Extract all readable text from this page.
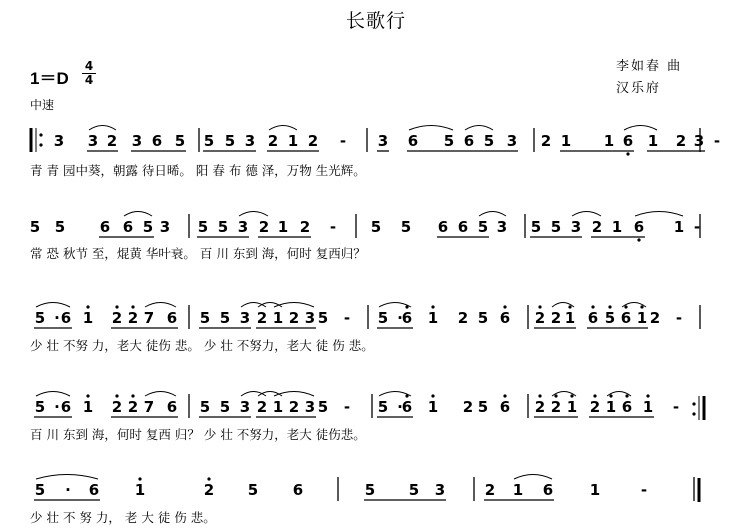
长歌行
1＝D
4
4
中速
李如春 曲
汉乐府
3 3 2 3 6 5 5 5 3 2 1 2 - 3 6 5 6 5 3 2 1 1 6 1 2 3 -
青 青 园中葵，朝露 待日晞。 阳 春 布 德 泽，万物 生光辉。
5 5 6 6 5 3 5 5 3 2 1 2 - 5 5 6 6 5 3 5 5 3 2 1 6 1 -
常 恐 秋节 至，焜黄 华叶衰。 百 川 东到 海，何时 复西归？
5 · 6 1 2 2 7 6 5 5 3 2 1 2 3 5 - 5 ·
6 1 2 5 6 2 2 1 6 5 6 1 2 -
少 壮 不努 力，老大 徒伤 悲。 少 壮 不努力，老大 徒 伤 悲。
5 · 6 1 2 2 7 6 5 5 3 2 1 2 3 5 - 5 ·
6 1 2 5 6 2 2 1 2 1 6 1 -
百 川 东到 海，何时 复西 归？ 少 壮 不努力，老大 徒伤悲。
5 · 6 1	2 5 6	5 5 3	2 1 6 1	-
少 壮 不 努 力， 老 大 徒 伤 悲。
